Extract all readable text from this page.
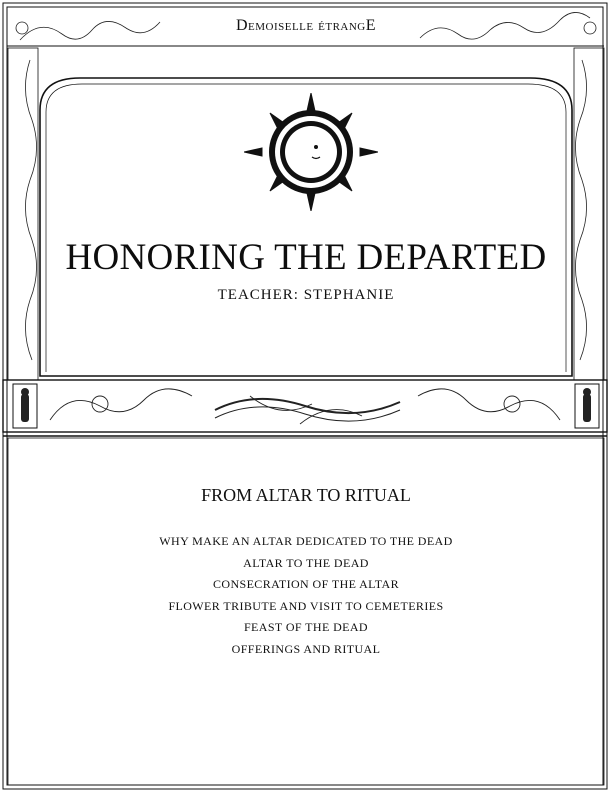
Demoiselle étrangE
HONORING THE DEPARTED
TEACHER: STEPHANIE
FROM ALTAR TO RITUAL
WHY MAKE AN ALTAR DEDICATED TO THE DEAD
ALTAR TO THE DEAD
CONSECRATION OF THE ALTAR
FLOWER TRIBUTE AND VISIT TO CEMETERIES
FEAST OF THE DEAD
OFFERINGS AND RITUAL
